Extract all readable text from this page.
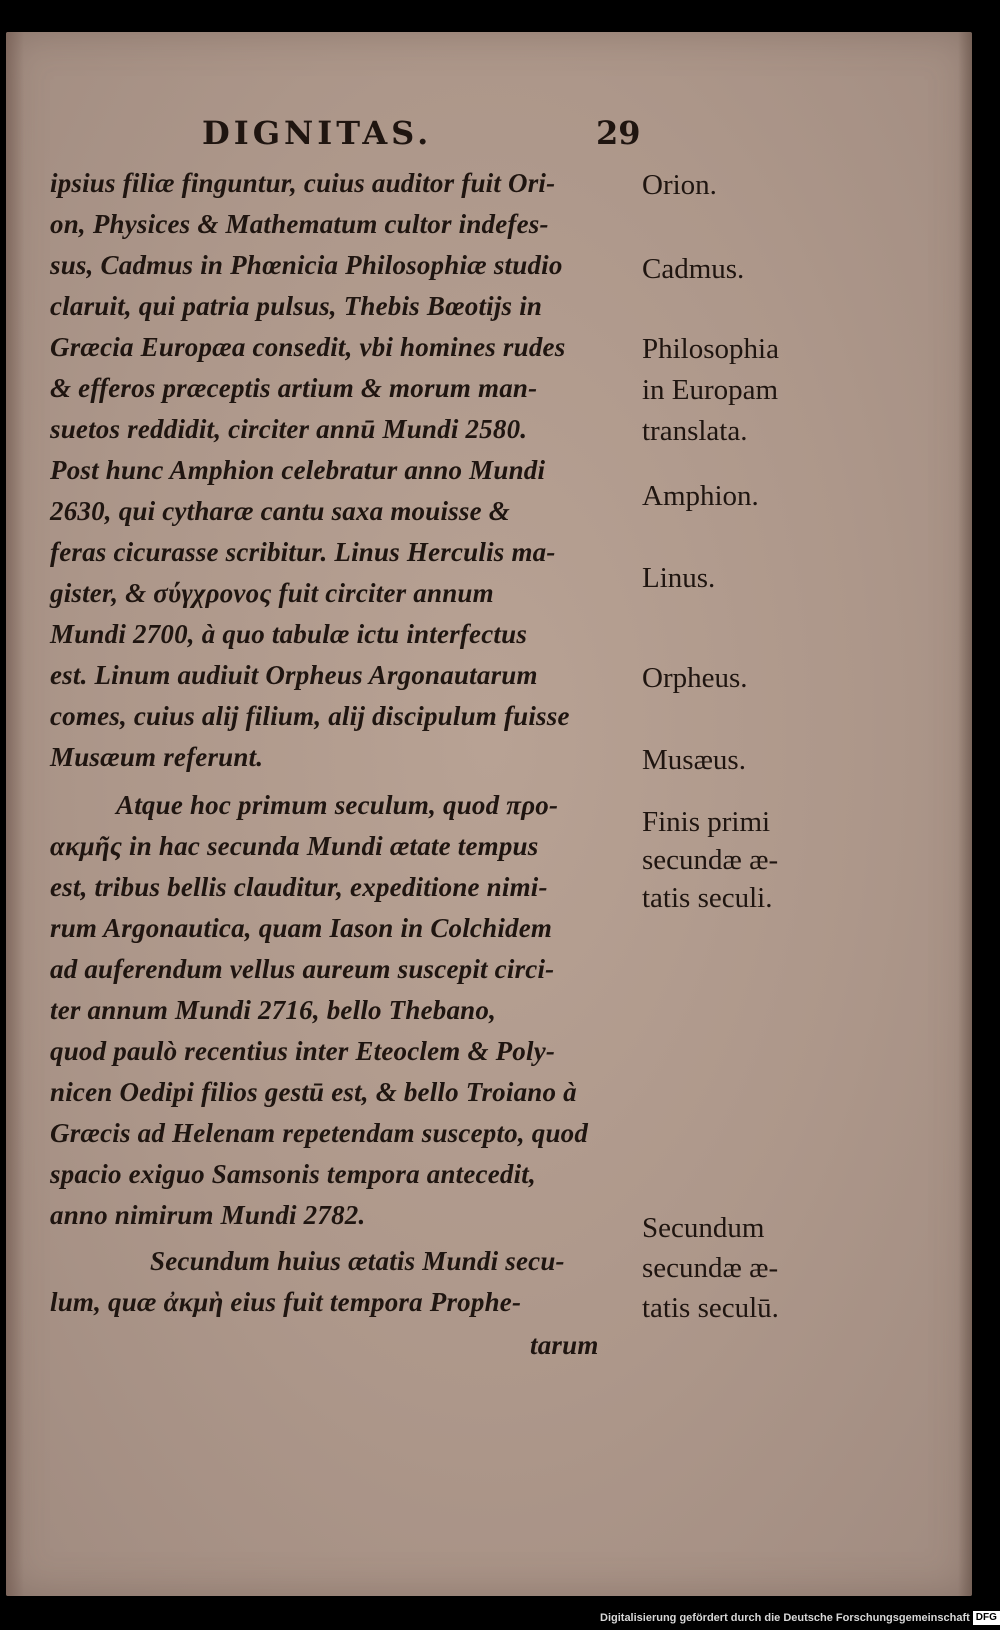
DIGNITAS.	29
ipsius filiæ finguntur, cuius auditor fuit Ori-
on, Physices & Mathematum cultor indefes-
sus, Cadmus in Phœnicia Philosophiæ studio
claruit, qui patria pulsus, Thebis Bœotijs in
Græcia Europæa consedit, vbi homines rudes
& efferos præceptis artium & morum man-
suetos reddidit, circiter annū Mundi 2580.
Post hunc Amphion celebratur anno Mundi
2630, qui cytharæ cantu saxa mouisse &
feras cicurasse scribitur. Linus Herculis ma-
gister, & σύγχρονος fuit circiter annum
Mundi 2700, à quo tabulæ ictu interfectus
est. Linum audiuit Orpheus Argonautarum
comes, cuius alij filium, alij discipulum fuisse
Musæum referunt.
Atque hoc primum seculum, quod προ-
ακμῆς in hac secunda Mundi ætate tempus
est, tribus bellis clauditur, expeditione nimi-
rum Argonautica, quam Iason in Colchidem
ad auferendum vellus aureum suscepit circi-
ter annum Mundi 2716, bello Thebano,
quod paulò recentius inter Eteoclem & Poly-
nicen Oedipi filios gestū est, & bello Troiano à
Græcis ad Helenam repetendam suscepto, quod
spacio exiguo Samsonis tempora antecedit,
anno nimirum Mundi 2782.
Secundum huius ætatis Mundi secu-
lum, quæ ἀκμὴ eius fuit tempora Prophe-
tarum
Orion.
Cadmus.
Philosophia
in Europam
translata.
Amphion.
Linus.
Orpheus.
Musæus.
Finis primi
secundæ æ-
tatis seculi.
Secundum
secundæ æ-
tatis seculū.
Digitalisierung gefördert durch die Deutsche Forschungsgemeinschaft DFG
